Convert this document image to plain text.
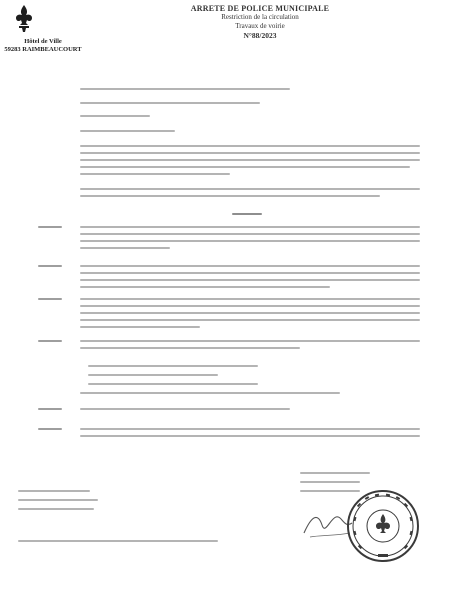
Hôtel de Ville
59283 RAIMBEAUCOURT
ARRETE DE POLICE MUNICIPALE
Restriction de la circulation
Travaux de voirie
N°88/2023
